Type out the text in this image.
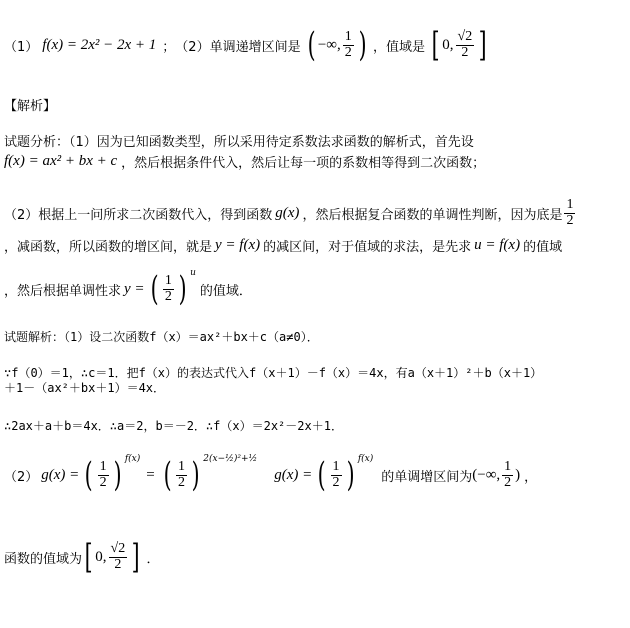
（1） f(x) = 2x² − 2x + 1 ； （2）单调递增区间是 ( −∞, $\frac{1}{2}$ ) ，值域是 [ 0, $\frac{√2}{2}$ ]
【解析】
试题分析：（1）因为已知函数类型，所以采用待定系数法求函数的解析式，首先设
f(x) = ax² + bx + c ，然后根据条件代入，然后让每一项的系数相等得到二次函数；
（2）根据上一问所求二次函数代入，得到函数 g(x) ，然后根据复合函数的单调性判断，因为底是 $\frac{1}{2}$
，减函数，所以函数的增区间，就是 y = f(x) 的减区间，对于值域的求法，是先求 u = f(x) 的值域
，然后根据单调性求 y = ( $\frac{1}{2}$ ) u
的值域．
试题解析：（1）设二次函数f（x）＝ax²＋bx＋c（a≠0）．
∵f（0）＝1，∴c＝1．把f（x）的表达式代入f（x＋1）－f（x）＝4x，有a（x＋1）²＋b（x＋1）
＋1－（ax²＋bx＋1）＝4x．
∴2ax＋a＋b＝4x．∴a＝2，b＝－2．∴f（x）＝2x²－2x＋1．
（2） g(x) = ( $\frac{1}{2}$ ) f(x)
= ( $\frac{1}{2}$ ) 2(x−½)²+½
g(x) = ( $\frac{1}{2}$ ) f(x)
的单调增区间为 (−∞, $\frac{1}{2}$ ) ，
函数的值域为 [ 0, $\frac{√2}{2}$ ] ．
